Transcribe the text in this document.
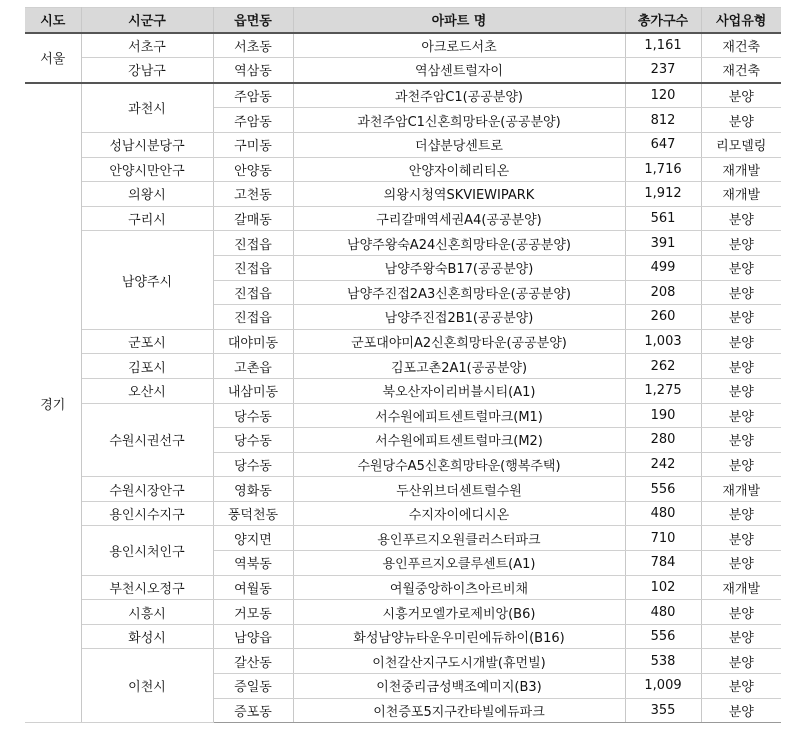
시도	시군구	읍면동	아파트 명	총가구수	사업유형
서울	서초구	서초동	아크로드서초	1,161	재건축
	강남구	역삼동	역삼센트럴자이	237	재건축
경기	과천시	주암동	과천주암C1(공공분양)	120	분양
		주암동	과천주암C1신혼희망타운(공공분양)	812	분양
	성남시분당구	구미동	더샵분당센트로	647	리모델링
	안양시만안구	안양동	안양자이헤리티온	1,716	재개발
	의왕시	고천동	의왕시청역SKVIEWIPARK	1,912	재개발
	구리시	갈매동	구리갈매역세권A4(공공분양)	561	분양
	남양주시	진접읍	남양주왕숙A24신혼희망타운(공공분양)	391	분양
		진접읍	남양주왕숙B17(공공분양)	499	분양
		진접읍	남양주진접2A3신혼희망타운(공공분양)	208	분양
		진접읍	남양주진접2B1(공공분양)	260	분양
	군포시	대야미동	군포대야미A2신혼희망타운(공공분양)	1,003	분양
	김포시	고촌읍	김포고촌2A1(공공분양)	262	분양
	오산시	내삼미동	북오산자이리버블시티(A1)	1,275	분양
	수원시권선구	당수동	서수원에피트센트럴마크(M1)	190	분양
		당수동	서수원에피트센트럴마크(M2)	280	분양
		당수동	수원당수A5신혼희망타운(행복주택)	242	분양
	수원시장안구	영화동	두산위브더센트럴수원	556	재개발
	용인시수지구	풍덕천동	수지자이에디시온	480	분양
	용인시처인구	양지면	용인푸르지오원클러스터파크	710	분양
		역북동	용인푸르지오클루센트(A1)	784	분양
	부천시오정구	여월동	여월중앙하이츠아르비채	102	재개발
	시흥시	거모동	시흥거모엘가로제비앙(B6)	480	분양
	화성시	남양읍	화성남양뉴타운우미린에듀하이(B16)	556	분양
	이천시	갈산동	이천갈산지구도시개발(휴먼빌)	538	분양
		증일동	이천중리금성백조예미지(B3)	1,009	분양
		증포동	이천증포5지구칸타빌에듀파크	355	분양
